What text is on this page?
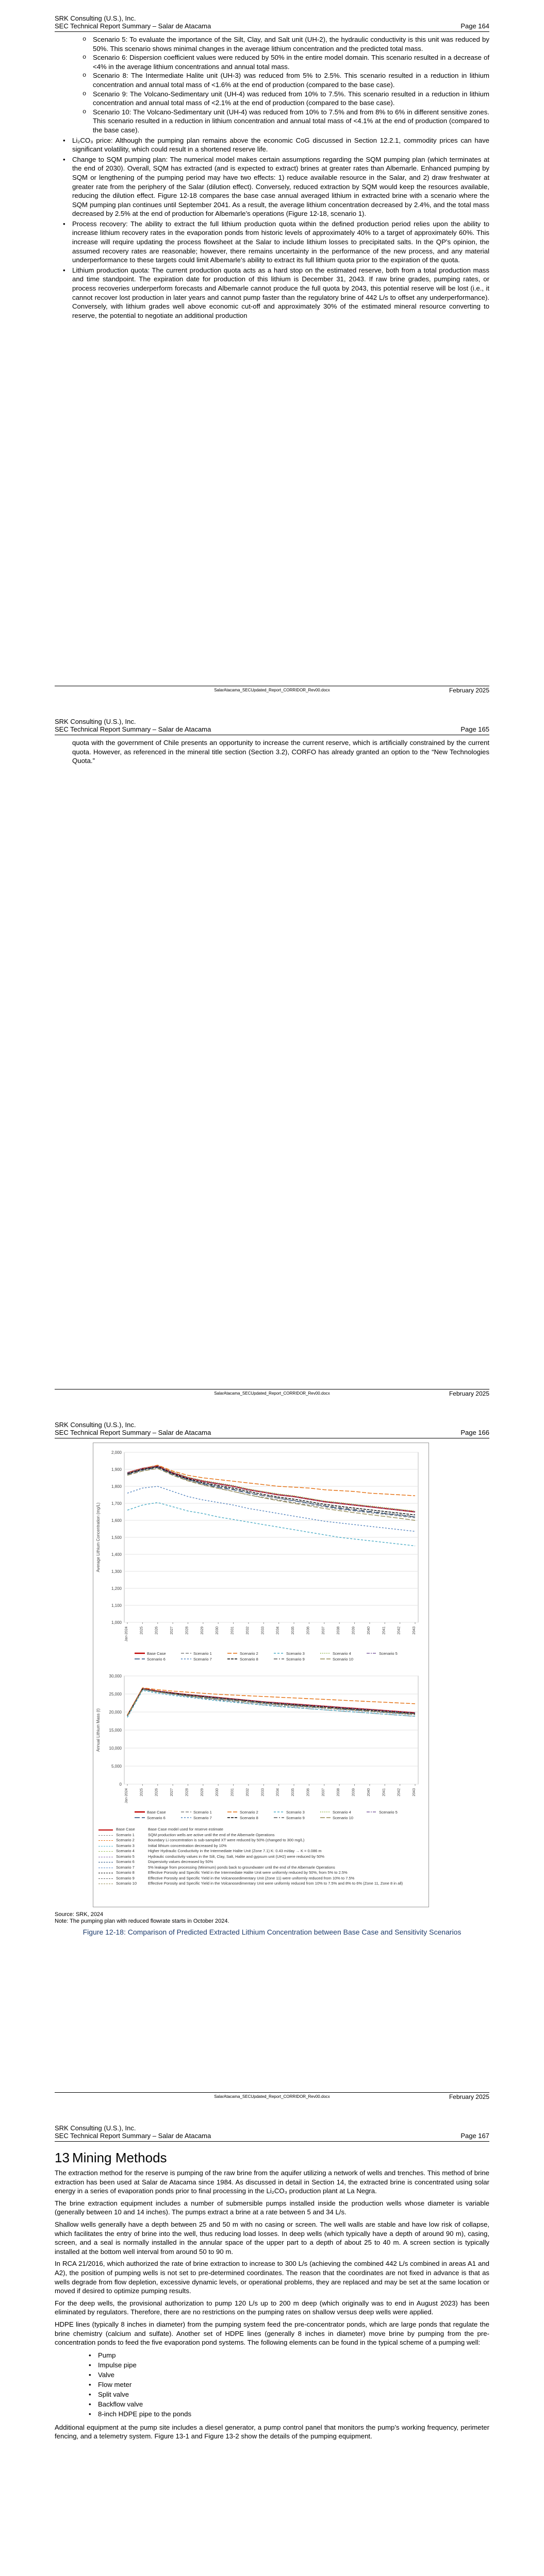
SRK Consulting (U.S.), Inc.
SEC Technical Report Summary – Salar de Atacama	Page 164
o Scenario 5: To evaluate the importance of the Silt, Clay, and Salt unit (UH-2), the hydraulic conductivity is this unit was reduced by 50%. This scenario shows minimal changes in the average lithium concentration and the predicted total mass.
o Scenario 6: Dispersion coefficient values were reduced by 50% in the entire model domain. This scenario resulted in a decrease of <4% in the average lithium concentrations and annual total mass.
o Scenario 8: The Intermediate Halite unit (UH-3) was reduced from 5% to 2.5%. This scenario resulted in a reduction in lithium concentration and annual total mass of <1.6% at the end of production (compared to the base case).
o Scenario 9: The Volcano-Sedimentary unit (UH-4) was reduced from 10% to 7.5%. This scenario resulted in a reduction in lithium concentration and annual total mass of <2.1% at the end of production (compared to the base case).
o Scenario 10: The Volcano-Sedimentary unit (UH-4) was reduced from 10% to 7.5% and from 8% to 6% in different sensitive zones. This scenario resulted in a reduction in lithium concentration and annual total mass of <4.1% at the end of production (compared to the base case).
• Li₂CO₃ price: Although the pumping plan remains above the economic CoG discussed in Section 12.2.1, commodity prices can have significant volatility, which could result in a shortened reserve life.
• Change to SQM pumping plan: The numerical model makes certain assumptions regarding the SQM pumping plan (which terminates at the end of 2030). Overall, SQM has extracted (and is expected to extract) brines at greater rates than Albemarle. Enhanced pumping by SQM or lengthening of the pumping period may have two effects: 1) reduce available resource in the Salar, and 2) draw freshwater at greater rate from the periphery of the Salar (dilution effect). Conversely, reduced extraction by SQM would keep the resources available, reducing the dilution effect. Figure 12-18 compares the base case annual averaged lithium in extracted brine with a scenario where the SQM pumping plan continues until September 2041. As a result, the average lithium concentration decreased by 2.4%, and the total mass decreased by 2.5% at the end of production for Albemarle’s operations (Figure 12-18, scenario 1).
• Process recovery: The ability to extract the full lithium production quota within the defined production period relies upon the ability to increase lithium recovery rates in the evaporation ponds from historic levels of approximately 40% to a target of approximately 60%. This increase will require updating the process flowsheet at the Salar to include lithium losses to precipitated salts. In the QP’s opinion, the assumed recovery rates are reasonable; however, there remains uncertainty in the performance of the new process, and any material underperformance to these targets could limit Albemarle’s ability to extract its full lithium quota prior to the expiration of the quota.
• Lithium production quota: The current production quota acts as a hard stop on the estimated reserve, both from a total production mass and time standpoint. The expiration date for production of this lithium is December 31, 2043. If raw brine grades, pumping rates, or process recoveries underperform forecasts and Albemarle cannot produce the full quota by 2043, this potential reserve will be lost (i.e., it cannot recover lost production in later years and cannot pump faster than the regulatory brine of 442 L/s to offset any underperformance). Conversely, with lithium grades well above economic cut-off and approximately 30% of the estimated mineral resource converting to reserve, the potential to negotiate an additional production
SalarAtacama_SECUpdated_Report_CORRIDOR_Rev00.docx	February 2025
SRK Consulting (U.S.), Inc.
SEC Technical Report Summary – Salar de Atacama	Page 165

quota with the government of Chile presents an opportunity to increase the current reserve, which is artificially constrained by the current quota. However, as referenced in the mineral title section (Section 3.2), CORFO has already granted an option to the “New Technologies Quota.”

SalarAtacama_SECUpdated_Report_CORRIDOR_Rev00.docx	February 2025
SRK Consulting (U.S.), Inc.
SEC Technical Report Summary – Salar de Atacama	Page 166
2,000
1,900
1,800
1,700
1,600
1,500
1,400
1,300
1,200
1,100
1,000
Average Lithium Concentration (mg/L)
Jan-2024	2025	2026	2027	2028	2029	2030	2031	2032	2033	2034	2035	2036	2037	2038	2039	2040	2041	2042	2043
Base Case	Scenario 1	Scenario 2	Scenario 3	Scenario 4	Scenario 5
Scenario 6	Scenario 7	Scenario 8	Scenario 9	Scenario 10
30,000
25,000
20,000
15,000
10,000
5,000
0
Annual Lithium Mass (t)
Jan-2024	2025	2026	2027	2028	2029	2030	2031	2032	2033	2034	2035	2036	2037	2038	2039	2040	2041	2042	2043
Base Case	Scenario 1	Scenario 2	Scenario 3	Scenario 4	Scenario 5
Scenario 6	Scenario 7	Scenario 8	Scenario 9	Scenario 10
Base Case	Base Case model used for reserve estimate
Scenario 1	SQM production wells are active until the end of the Albemarle Operations
Scenario 2	Boundary Li concentration is sub-sampled XT were reduced by 50% (changed to 300 mg/L)
Scenario 3	Initial lithium concentration decreased by 10%
Scenario 4	Higher Hydraulic Conductivity in the Intermediate Halite Unit (Zone 7.1) K: 0.43 m/day → K = 0.086 m
Scenario 5	Hydraulic conductivity values in the Silt, Clay, Salt, Halite and gypsum unit (UH2) were reduced by 50%
Scenario 6	Dispersivity values decreased by 50%
Scenario 7	5% leakage from processing (Minimum) ponds back to groundwater until the end of the Albemarle Operations
Scenario 8	Effective Porosity and Specific Yield in the Intermediate Halite Unit were uniformly reduced by 50%, from 5% to 2.5%
Scenario 9	Effective Porosity and Specific Yield in the Volcanosedimentary Unit (Zone 11) were uniformly reduced from 10% to 7.5%
Scenario 10	Effective Porosity and Specific Yield in the Volcanosedimentary Unit were uniformly reduced from 10% to 7.5% and 8% to 6% (Zone 11, Zone 8 in all)
Source: SRK, 2024
Note: The pumping plan with reduced flowrate starts in October 2024.
Figure 12-18: Comparison of Predicted Extracted Lithium Concentration between Base Case and Sensitivity Scenarios
SalarAtacama_SECUpdated_Report_CORRIDOR_Rev00.docx	February 2025
SRK Consulting (U.S.), Inc.
SEC Technical Report Summary – Salar de Atacama	Page 167
13 Mining Methods

The extraction method for the reserve is pumping of the raw brine from the aquifer utilizing a network of wells and trenches. This method of brine extraction has been used at Salar de Atacama since 1984. As discussed in detail in Section 14, the extracted brine is concentrated using solar energy in a series of evaporation ponds prior to final processing in the Li₂CO₃ production plant at La Negra.

The brine extraction equipment includes a number of submersible pumps installed inside the production wells whose diameter is variable (generally between 10 and 14 inches). The pumps extract a brine at a rate between 5 and 34 L/s.

Shallow wells generally have a depth between 25 and 50 m with no casing or screen. The well walls are stable and have low risk of collapse, which facilitates the entry of brine into the well, thus reducing load losses. In deep wells (which typically have a depth of around 90 m), casing, screen, and a seal is normally installed in the annular space of the upper part to a depth of about 25 to 40 m. A screen section is typically installed at the bottom well interval from around 50 to 90 m.

In RCA 21/2016, which authorized the rate of brine extraction to increase to 300 L/s (achieving the combined 442 L/s combined in areas A1 and A2), the position of pumping wells is not set to pre-determined coordinates. The reason that the coordinates are not fixed in advance is that as wells degrade from flow depletion, excessive dynamic levels, or operational problems, they are replaced and may be set at the same location or moved if desired to optimize pumping results.

For the deep wells, the provisional authorization to pump 120 L/s up to 200 m deep (which originally was to end in August 2023) has been eliminated by regulators. Therefore, there are no restrictions on the pumping rates on shallow versus deep wells were applied.

HDPE lines (typically 8 inches in diameter) from the pumping system feed the pre-concentrator ponds, which are large ponds that regulate the brine chemistry (calcium and sulfate). Another set of HDPE lines (generally 8 inches in diameter) move brine by pumping from the pre-concentration ponds to feed the five evaporation pond systems. The following elements can be found in the typical scheme of a pumping well:

• Pump
• Impulse pipe
• Valve
• Flow meter
• Split valve
• Backflow valve
• 8-inch HDPE pipe to the ponds

Additional equipment at the pump site includes a diesel generator, a pump control panel that monitors the pump’s working frequency, perimeter fencing, and a telemetry system. Figure 13-1 and Figure 13-2 show the details of the pumping equipment.
